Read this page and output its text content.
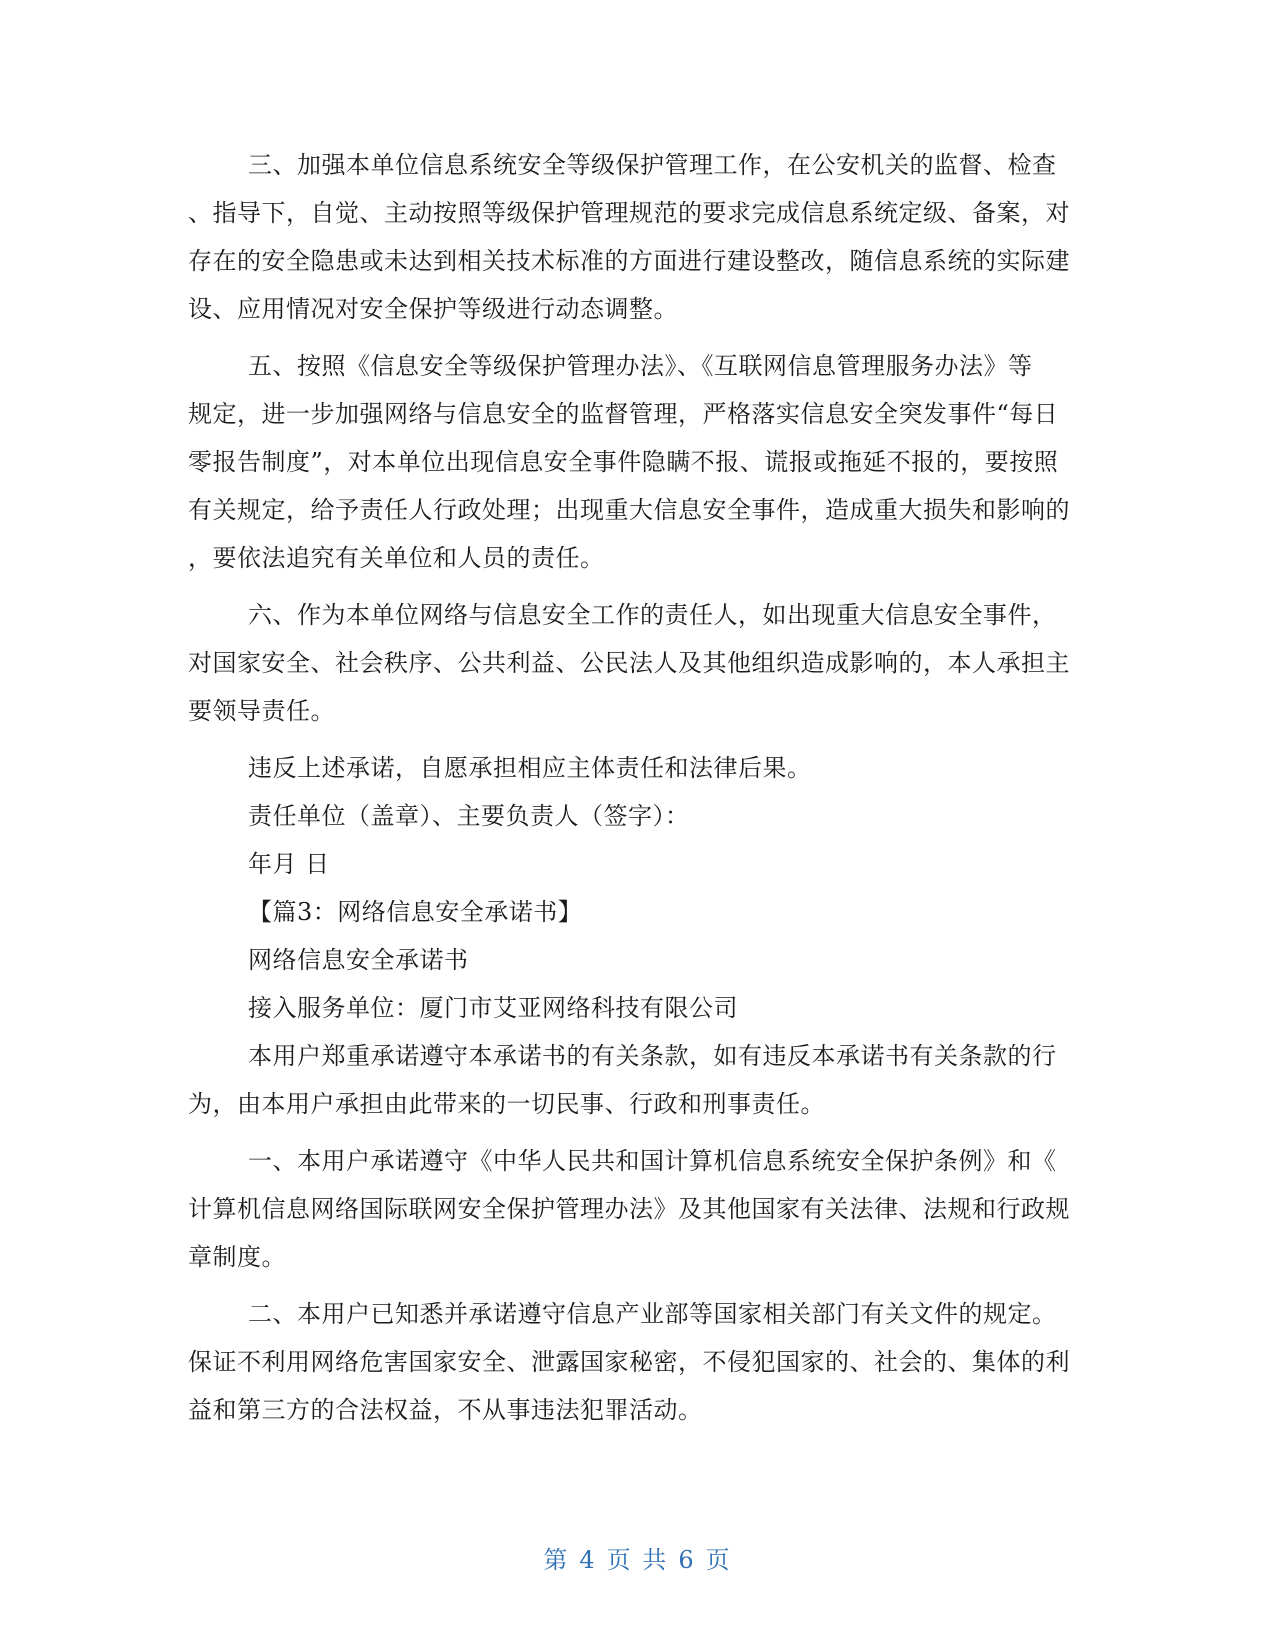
三、加强本单位信息系统安全等级保护管理工作，在公安机关的监督、检查
、指导下，自觉、主动按照等级保护管理规范的要求完成信息系统定级、备案，对
存在的安全隐患或未达到相关技术标准的方面进行建设整改，随信息系统的实际建
设、应用情况对安全保护等级进行动态调整。

五、按照《信息安全等级保护管理办法》、《互联网信息管理服务办法》等
规定，进一步加强网络与信息安全的监督管理，严格落实信息安全突发事件“每日
零报告制度”，对本单位出现信息安全事件隐瞒不报、谎报或拖延不报的，要按照
有关规定，给予责任人行政处理；出现重大信息安全事件，造成重大损失和影响的
，要依法追究有关单位和人员的责任。

六、作为本单位网络与信息安全工作的责任人，如出现重大信息安全事件，
对国家安全、社会秩序、公共利益、公民法人及其他组织造成影响的，本人承担主
要领导责任。

违反上述承诺，自愿承担相应主体责任和法律后果。

责任单位（盖章）、主要负责人（签字）：

年月 日

【篇3：网络信息安全承诺书】

网络信息安全承诺书

接入服务单位：厦门市艾亚网络科技有限公司

本用户郑重承诺遵守本承诺书的有关条款，如有违反本承诺书有关条款的行
为，由本用户承担由此带来的一切民事、行政和刑事责任。

一、本用户承诺遵守《中华人民共和国计算机信息系统安全保护条例》和《
计算机信息网络国际联网安全保护管理办法》及其他国家有关法律、法规和行政规
章制度。

二、本用户已知悉并承诺遵守信息产业部等国家相关部门有关文件的规定。
保证不利用网络危害国家安全、泄露国家秘密，不侵犯国家的、社会的、集体的利
益和第三方的合法权益，不从事违法犯罪活动。

第 4 页 共 6 页
